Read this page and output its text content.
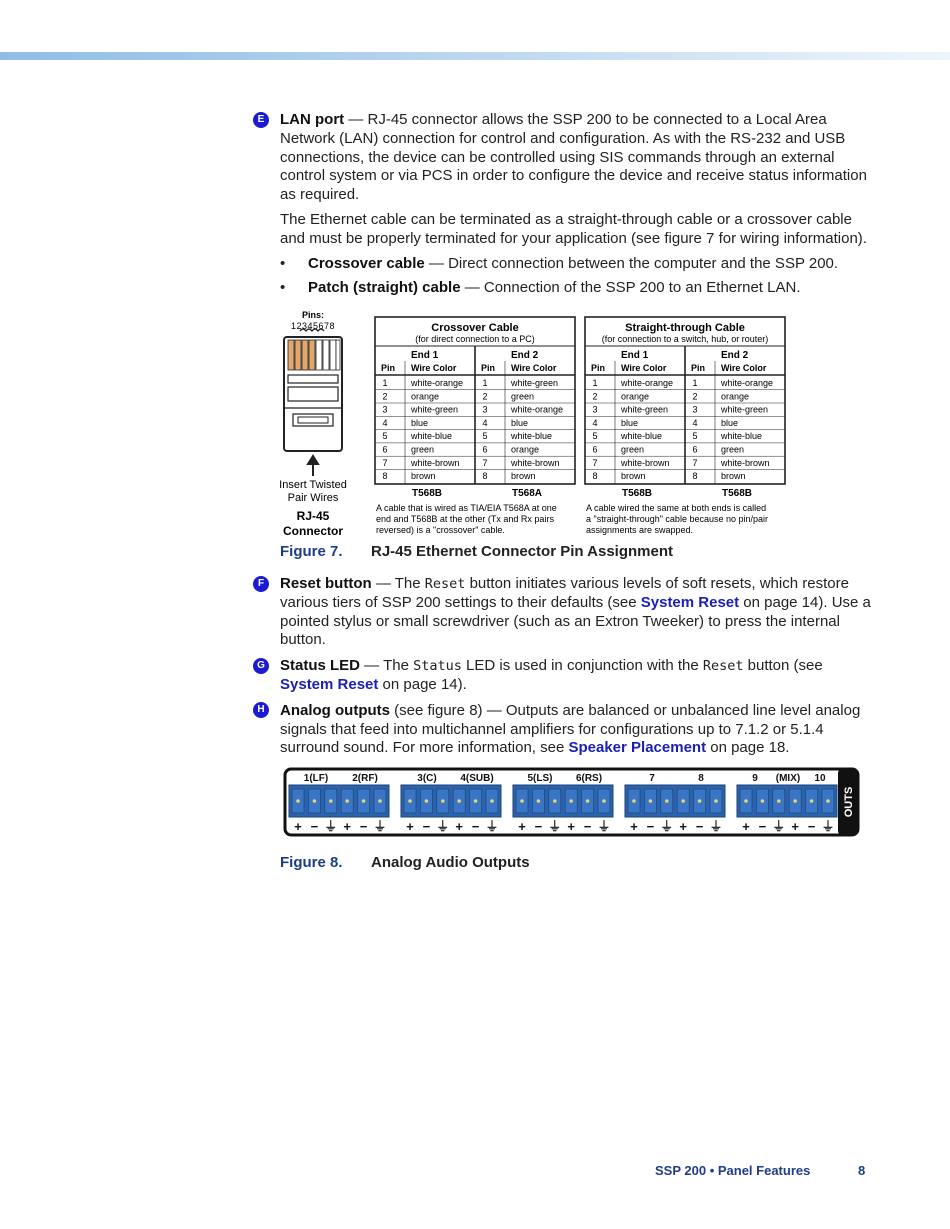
E
F
G
H

LAN port — RJ-45 connector allows the SSP 200 to be connected to a Local Area Network (LAN) connection for control and configuration. As with the RS-232 and USB connections, the device can be controlled using SIS commands through an external control system or via PCS in order to configure the device and receive status information as required.

The Ethernet cable can be terminated as a straight-through cable or a crossover cable and must be properly terminated for your application (see figure 7 for wiring information).

• Crossover cable — Direct connection between the computer and the SSP 200.

• Patch (straight) cable — Connection of the SSP 200 to an Ethernet LAN.

Pins:
12345678
Insert Twisted
Pair Wires
RJ-45
Connector
Crossover Cable
(for direct connection to a PC)
End 1	End 2
Pin Wire Color	Pin Wire Color
1	white-orange 1	white-green
2	orange	2	green
3	white-green	3	white-orange
4	blue	4	blue
5	white-blue	5	white-blue
6	green	6	orange
7	white-brown	7	white-brown
8	brown	8	brown
T568B	T568A
A cable that is wired as TIA/EIA T568A at one
end and T568B at the other (Tx and Rx pairs
reversed) is a "crossover" cable.
Straight-through Cable
(for connection to a switch, hub, or router)
End 1	End 2
Pin Wire Color	Pin Wire Color
1	white-orange 1	white-orange
2	orange	2	orange
3	white-green	3	white-green
4	blue	4	blue
5	white-blue	5	white-blue
6	green	6	green
7	white-brown	7	white-brown
8	brown	8	brown
T568B	T568B
A cable wired the same at both ends is called
a "straight-through" cable because no pin/pair
assignments are swapped.
Figure 7. RJ-45 Ethernet Connector Pin Assignment

Reset button — The Reset button initiates various levels of soft resets, which restore various tiers of SSP 200 settings to their defaults (see System Reset on page 14). Use a pointed stylus or small screwdriver (such as an Extron Tweeker) to press the internal button.

Status LED — The Status LED is used in conjunction with the Reset button (see System Reset on page 14).

Analog outputs (see figure 8) — Outputs are balanced or unbalanced line level analog signals that feed into multichannel amplifiers for configurations up to 7.1.2 or 5.1.4 surround sound. For more information, see Speaker Placement on page 18.

OUTS
1(LF) 2(RF)	3(C) 4(SUB)	5(LS) 6(RS)	7	8	9 (MIX) 10
+ − ⏚ + − ⏚ + − ⏚ + − ⏚ + − ⏚ + − ⏚ + − ⏚ + − ⏚ + − ⏚ + − ⏚
Figure 8. Analog Audio Outputs
SSP 200 • Panel Features	8
